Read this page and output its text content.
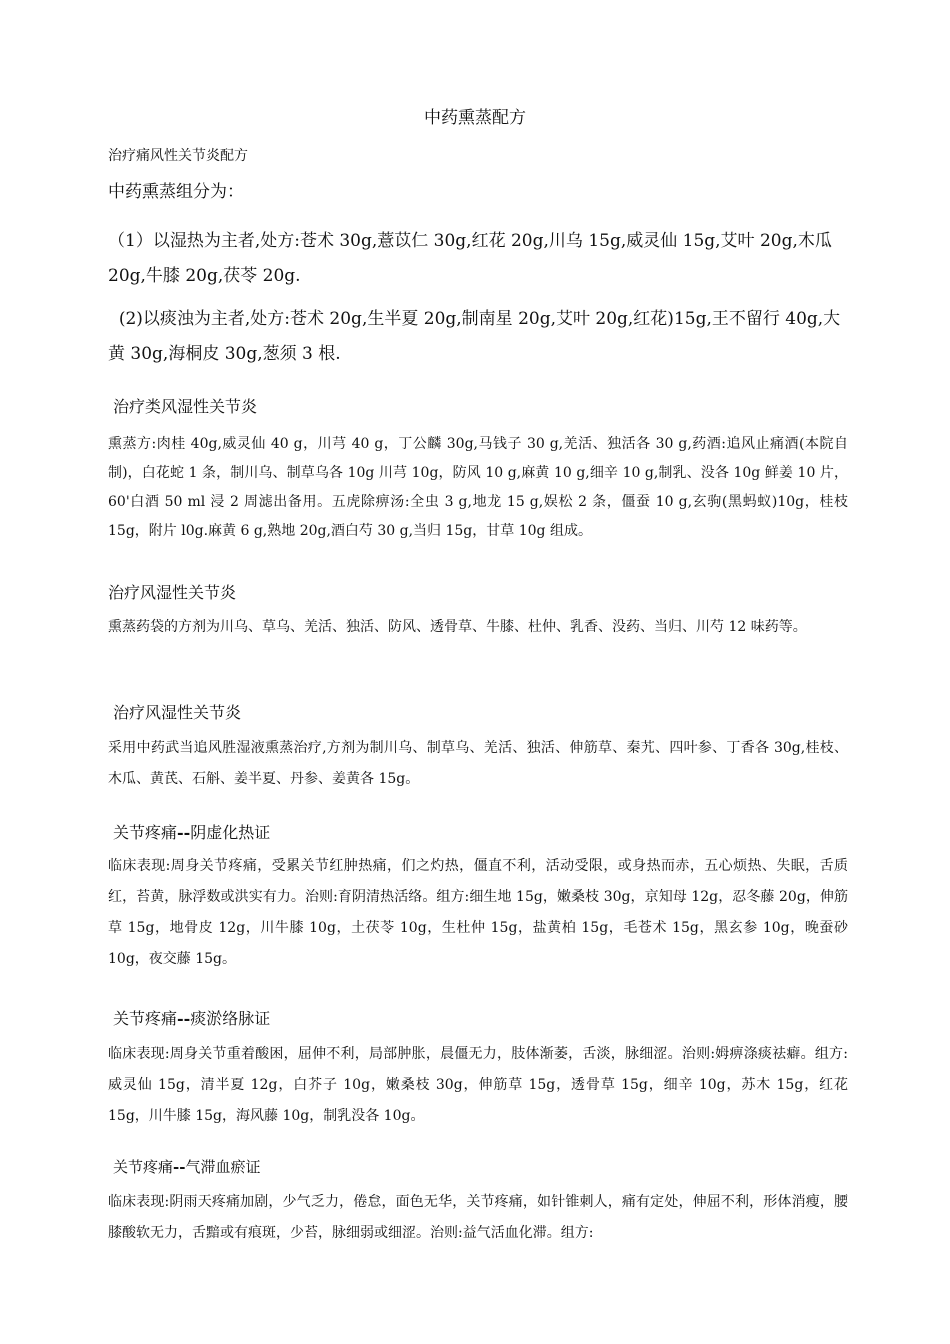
中药熏蒸配方
治疗痛风性关节炎配方
中药熏蒸组分为：
（1）以湿热为主者,处方:苍术 30g,薏苡仁 30g,红花 20g,川乌 15g,威灵仙 15g,艾叶 20g,木瓜 20g,牛膝 20g,茯苓 20g.
(2)以痰浊为主者,处方:苍术 20g,生半夏 20g,制南星 20g,艾叶 20g,红花)15g,王不留行 40g,大黄 30g,海桐皮 30g,葱须 3 根.
治疗类风湿性关节炎
熏蒸方:肉桂 40g,威灵仙 40 g，川芎 40 g，丁公麟 30g,马钱子 30 g,羌活、独活各 30 g,药酒:追风止痛酒(本院自制)，白花蛇 1 条，制川乌、制草乌各 10g 川芎 10g，防风 10 g,麻黄 10 g,细辛 10 g,制乳、没各 10g 鲜姜 10 片，60'白酒 50 ml 浸 2 周滤出备用。五虎除痹汤:全虫 3 g,地龙 15 g,娱松 2 条，僵蚕 10 g,玄驹(黑蚂蚁)10g，桂枝 15g，附片 l0g.麻黄 6 g,熟地 20g,酒白芍 30 g,当归 15g，甘草 10g 组成。
治疗风湿性关节炎
熏蒸药袋的方剂为川乌、草乌、羌活、独活、防风、透骨草、牛膝、杜仲、乳香、没药、当归、川芍 12 味药等。
治疗风湿性关节炎
采用中药武当追风胜湿液熏蒸治疗,方剂为制川乌、制草乌、羌活、独活、伸筋草、秦艽、四叶参、丁香各 30g,桂枝、木瓜、黄芪、石斛、姜半夏、丹参、姜黄各 15g。
关节疼痛--阴虚化热证
临床表现:周身关节疼痛，受累关节红肿热痛，们之灼热，僵直不利，活动受限，或身热而赤，五心烦热、失眠，舌质红，苔黄，脉浮数或洪实有力。治则:育阴清热活络。组方:细生地 15g，嫩桑枝 30g，京知母 12g，忍冬藤 20g，伸筋草 15g，地骨皮 12g，川牛膝 10g，土茯苓 10g，生杜仲 15g，盐黄柏 15g，毛苍术 15g，黑玄参 10g，晚蚕砂 10g，夜交藤 15g。
关节疼痛--痰淤络脉证
临床表现:周身关节重着酸困，屈伸不利，局部肿胀，晨僵无力，肢体渐萎，舌淡，脉细涩。治则:姆痹涤痰祛癖。组方:威灵仙 15g，清半夏 12g，白芥子 10g，嫩桑枝 30g，伸筋草 15g，透骨草 15g，细辛 10g，苏木 15g，红花 15g，川牛膝 15g，海风藤 10g，制乳没各 10g。
关节疼痛--气滞血瘀证
临床表现:阴雨天疼痛加剧，少气乏力，倦怠，面色无华，关节疼痛，如针锥刺人，痛有定处，伸屈不利，形体消瘦，腰膝酸软无力，舌黯或有痕斑，少苔，脉细弱或细涩。治则:益气活血化滞。组方:
